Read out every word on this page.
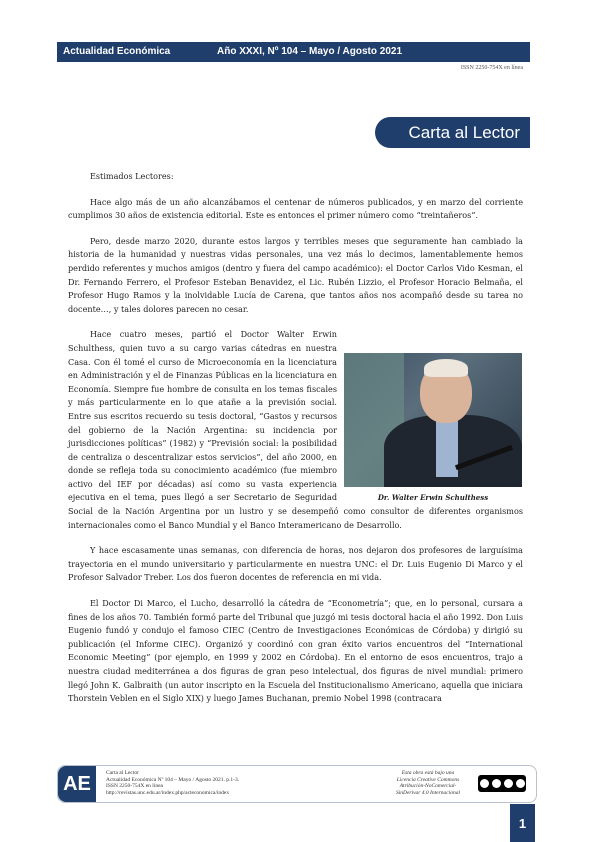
Actualidad Económica	Año XXXI, Nº 104 – Mayo / Agosto 2021
ISSN 2250-754X en línea
Carta al Lector

Estimados Lectores:

Hace algo más de un año alcanzábamos el centenar de números publicados, y en marzo del corriente cumplimos 30 años de existencia editorial. Este es entonces el primer número como “treintañeros”.

Pero, desde marzo 2020, durante estos largos y terribles meses que seguramente han cambiado la historia de la humanidad y nuestras vidas personales, una vez más lo decimos, lamentablemente hemos perdido referentes y muchos amigos (dentro y fuera del campo académico): el Doctor Carlos Vido Kesman, el Dr. Fernando Ferrero, el Profesor Esteban Benavidez, el Lic. Rubén Lizzio, el Profesor Horacio Belmaña, el Profesor Hugo Ramos y la inolvidable Lucía de Carena, que tantos años nos acompañó desde su tarea no docente…, y tales dolores parecen no cesar.

Hace cuatro meses, partió el Doctor Walter Erwin Schulthess, quien tuvo a su cargo varias cátedras en nuestra Casa. Con él tomé el curso de Microeconomía en la licenciatura en Administración y el de Finanzas Públicas en la licenciatura en Economía. Siempre fue hombre de consulta en los temas fiscales y más particularmente en lo que atañe a la previsión social. Entre sus escritos recuerdo su tesis doctoral, “Gastos y recursos del gobierno de la Nación Argentina: su incidencia por jurisdicciones políticas” (1982) y “Previsión social: la posibilidad de centraliza o descentralizar estos servicios”, del año 2000, en donde se refleja toda su conocimiento académico (fue miembro activo del IEF por décadas) así como su vasta experiencia ejecutiva en el tema, pues llegó a ser Secretario de Seguridad Social de la Nación Argentina por un lustro y se desempeñó como consultor de diferentes organismos internacionales como el Banco Mundial y el Banco Interamericano de Desarrollo.

Y hace escasamente unas semanas, con diferencia de horas, nos dejaron dos profesores de larguísima trayectoria en el mundo universitario y particularmente en nuestra UNC: el Dr. Luis Eugenio Di Marco y el Profesor Salvador Treber. Los dos fueron docentes de referencia en mi vida.

El Doctor Di Marco, el Lucho, desarrolló la cátedra de “Econometría”; que, en lo personal, cursara a fines de los años 70. También formó parte del Tribunal que juzgó mi tesis doctoral hacia el año 1992. Don Luis Eugenio fundó y condujo el famoso CIEC (Centro de Investigaciones Económicas de Córdoba) y dirigió su publicación (el Informe CIEC). Organizó y coordinó con gran éxito varios encuentros del “International Economic Meeting” (por ejemplo, en 1999 y 2002 en Córdoba). En el entorno de esos encuentros, trajo a nuestra ciudad mediterránea a dos figuras de gran peso intelectual, dos figuras de nivel mundial: primero llegó John K. Galbraith (un autor inscripto en la Escuela del Institucionalismo Americano, aquella que iniciara Thorstein Veblen en el Siglo XIX) y luego James Buchanan, premio Nobel 1998 (contracara

Dr. Walter Erwin Schulthess
AE	Carta al Lector
Actualidad Económica Nº 104 – Mayo / Agosto 2021. p.1-3.
ISSN 2250-754X en línea
http://revistas.unc.edu.ar/index.php/acteconomica/index
Esta obra está bajo una
Licencia Creative Commons
Atribución-NoComercial-
SinDerivar 4.0 Internacional
1
